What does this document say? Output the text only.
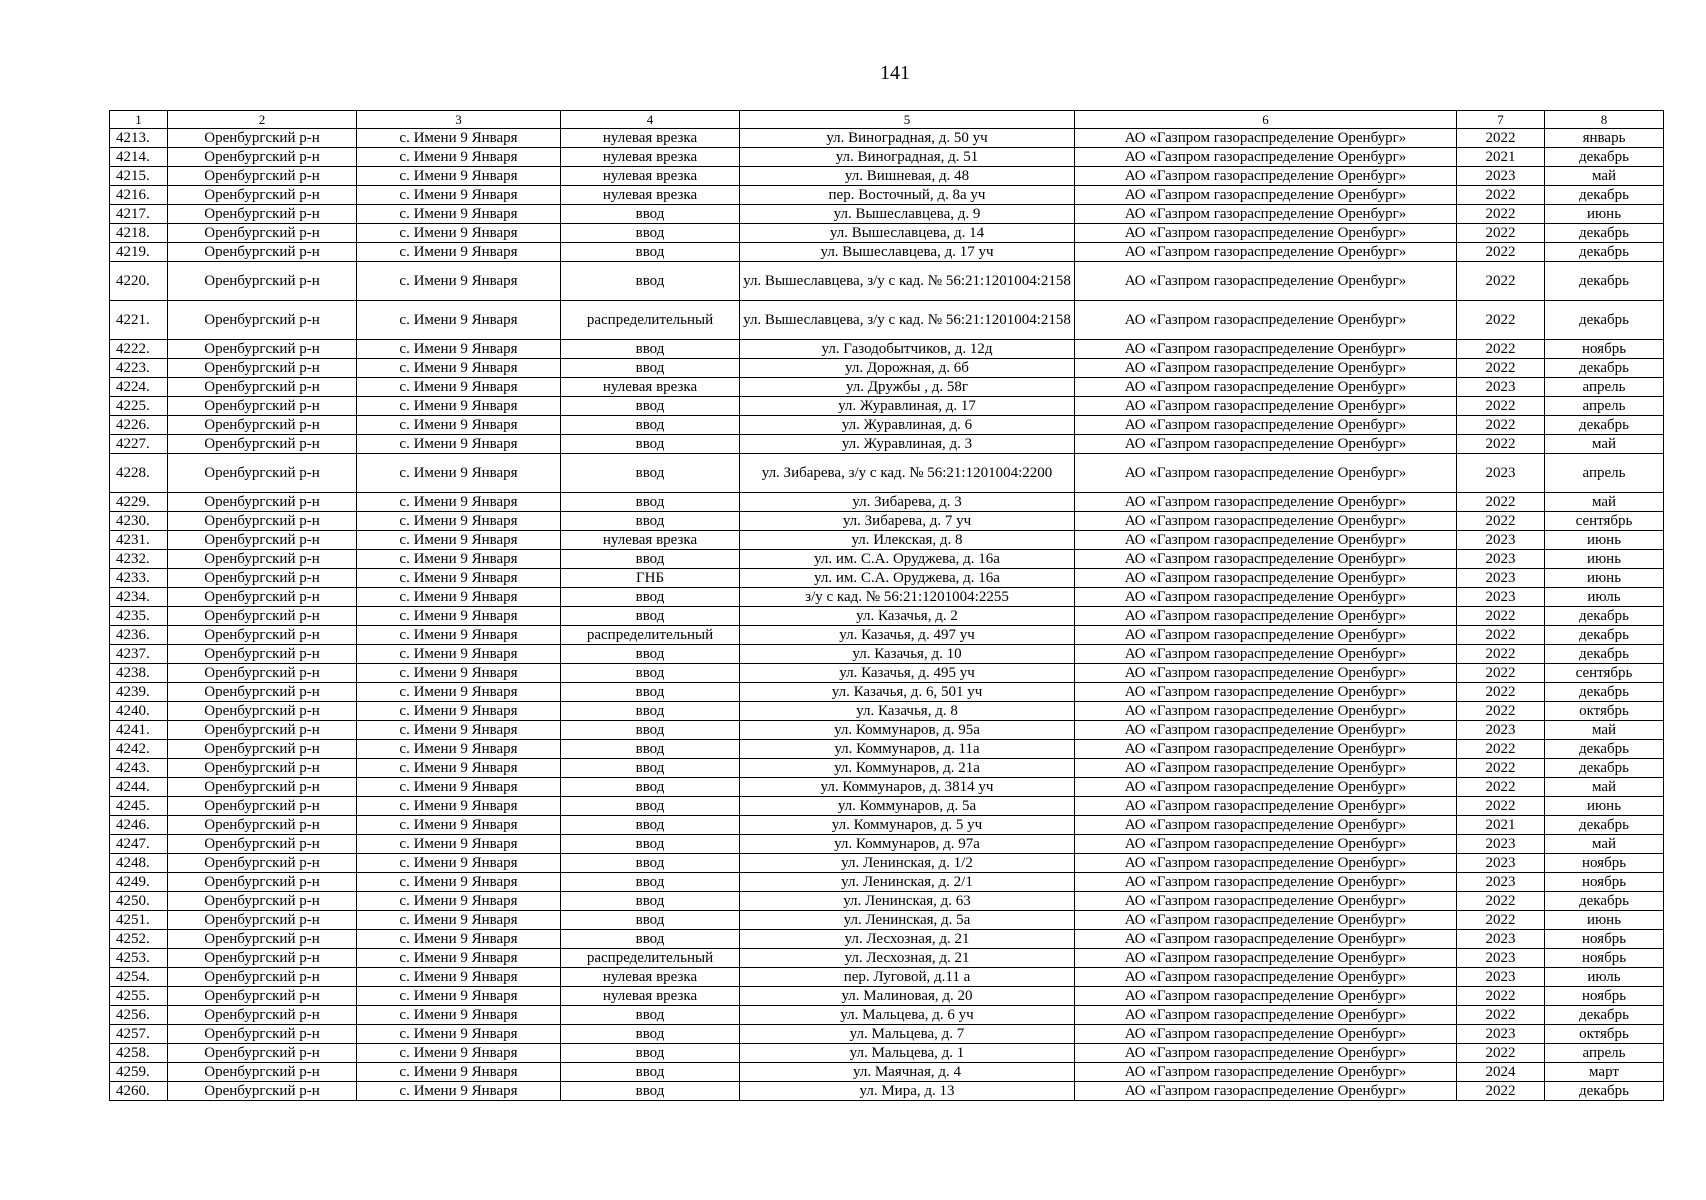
141
1	2	3	4	5	6	7	8
4213.	Оренбургский р-н	с. Имени 9 Января	нулевая врезка	ул. Виноградная, д. 50 уч	АО «Газпром газораспределение Оренбург»	2022	январь
4214.	Оренбургский р-н	с. Имени 9 Января	нулевая врезка	ул. Виноградная, д. 51	АО «Газпром газораспределение Оренбург»	2021	декабрь
4215.	Оренбургский р-н	с. Имени 9 Января	нулевая врезка	ул. Вишневая, д. 48	АО «Газпром газораспределение Оренбург»	2023	май
4216.	Оренбургский р-н	с. Имени 9 Января	нулевая врезка	пер. Восточный, д. 8а уч	АО «Газпром газораспределение Оренбург»	2022	декабрь
4217.	Оренбургский р-н	с. Имени 9 Января	ввод	ул. Вышеславцева, д. 9	АО «Газпром газораспределение Оренбург»	2022	июнь
4218.	Оренбургский р-н	с. Имени 9 Января	ввод	ул. Вышеславцева, д. 14	АО «Газпром газораспределение Оренбург»	2022	декабрь
4219.	Оренбургский р-н	с. Имени 9 Января	ввод	ул. Вышеславцева, д. 17 уч	АО «Газпром газораспределение Оренбург»	2022	декабрь
4220.	Оренбургский р-н	с. Имени 9 Января	ввод	ул. Вышеславцева, з/у с кад. № 56:21:1201004:2158	АО «Газпром газораспределение Оренбург»	2022	декабрь
4221.	Оренбургский р-н	с. Имени 9 Января	распределительный	ул. Вышеславцева, з/у с кад. № 56:21:1201004:2158	АО «Газпром газораспределение Оренбург»	2022	декабрь
4222.	Оренбургский р-н	с. Имени 9 Января	ввод	ул. Газодобытчиков, д. 12д	АО «Газпром газораспределение Оренбург»	2022	ноябрь
4223.	Оренбургский р-н	с. Имени 9 Января	ввод	ул. Дорожная, д. 6б	АО «Газпром газораспределение Оренбург»	2022	декабрь
4224.	Оренбургский р-н	с. Имени 9 Января	нулевая врезка	ул. Дружбы , д. 58г	АО «Газпром газораспределение Оренбург»	2023	апрель
4225.	Оренбургский р-н	с. Имени 9 Января	ввод	ул. Журавлиная, д. 17	АО «Газпром газораспределение Оренбург»	2022	апрель
4226.	Оренбургский р-н	с. Имени 9 Января	ввод	ул. Журавлиная, д. 6	АО «Газпром газораспределение Оренбург»	2022	декабрь
4227.	Оренбургский р-н	с. Имени 9 Января	ввод	ул. Журавлиная, д. 3	АО «Газпром газораспределение Оренбург»	2022	май
4228.	Оренбургский р-н	с. Имени 9 Января	ввод	ул. Зибарева, з/у с кад. № 56:21:1201004:2200	АО «Газпром газораспределение Оренбург»	2023	апрель
4229.	Оренбургский р-н	с. Имени 9 Января	ввод	ул. Зибарева, д. 3	АО «Газпром газораспределение Оренбург»	2022	май
4230.	Оренбургский р-н	с. Имени 9 Января	ввод	ул. Зибарева, д. 7 уч	АО «Газпром газораспределение Оренбург»	2022	сентябрь
4231.	Оренбургский р-н	с. Имени 9 Января	нулевая врезка	ул. Илекская, д. 8	АО «Газпром газораспределение Оренбург»	2023	июнь
4232.	Оренбургский р-н	с. Имени 9 Января	ввод	ул. им. С.А. Оруджева, д. 16а	АО «Газпром газораспределение Оренбург»	2023	июнь
4233.	Оренбургский р-н	с. Имени 9 Января	ГНБ	ул. им. С.А. Оруджева, д. 16а	АО «Газпром газораспределение Оренбург»	2023	июнь
4234.	Оренбургский р-н	с. Имени 9 Января	ввод	з/у с кад. № 56:21:1201004:2255	АО «Газпром газораспределение Оренбург»	2023	июль
4235.	Оренбургский р-н	с. Имени 9 Января	ввод	ул. Казачья, д. 2	АО «Газпром газораспределение Оренбург»	2022	декабрь
4236.	Оренбургский р-н	с. Имени 9 Января	распределительный	ул. Казачья, д. 497 уч	АО «Газпром газораспределение Оренбург»	2022	декабрь
4237.	Оренбургский р-н	с. Имени 9 Января	ввод	ул. Казачья, д. 10	АО «Газпром газораспределение Оренбург»	2022	декабрь
4238.	Оренбургский р-н	с. Имени 9 Января	ввод	ул. Казачья, д. 495 уч	АО «Газпром газораспределение Оренбург»	2022	сентябрь
4239.	Оренбургский р-н	с. Имени 9 Января	ввод	ул. Казачья, д. 6, 501 уч	АО «Газпром газораспределение Оренбург»	2022	декабрь
4240.	Оренбургский р-н	с. Имени 9 Января	ввод	ул. Казачья, д. 8	АО «Газпром газораспределение Оренбург»	2022	октябрь
4241.	Оренбургский р-н	с. Имени 9 Января	ввод	ул. Коммунаров, д. 95а	АО «Газпром газораспределение Оренбург»	2023	май
4242.	Оренбургский р-н	с. Имени 9 Января	ввод	ул. Коммунаров, д. 11а	АО «Газпром газораспределение Оренбург»	2022	декабрь
4243.	Оренбургский р-н	с. Имени 9 Января	ввод	ул. Коммунаров, д. 21а	АО «Газпром газораспределение Оренбург»	2022	декабрь
4244.	Оренбургский р-н	с. Имени 9 Января	ввод	ул. Коммунаров, д. 3814 уч	АО «Газпром газораспределение Оренбург»	2022	май
4245.	Оренбургский р-н	с. Имени 9 Января	ввод	ул. Коммунаров, д. 5а	АО «Газпром газораспределение Оренбург»	2022	июнь
4246.	Оренбургский р-н	с. Имени 9 Января	ввод	ул. Коммунаров, д. 5 уч	АО «Газпром газораспределение Оренбург»	2021	декабрь
4247.	Оренбургский р-н	с. Имени 9 Января	ввод	ул. Коммунаров, д. 97а	АО «Газпром газораспределение Оренбург»	2023	май
4248.	Оренбургский р-н	с. Имени 9 Января	ввод	ул. Ленинская, д. 1/2	АО «Газпром газораспределение Оренбург»	2023	ноябрь
4249.	Оренбургский р-н	с. Имени 9 Января	ввод	ул. Ленинская, д. 2/1	АО «Газпром газораспределение Оренбург»	2023	ноябрь
4250.	Оренбургский р-н	с. Имени 9 Января	ввод	ул. Ленинская, д. 63	АО «Газпром газораспределение Оренбург»	2022	декабрь
4251.	Оренбургский р-н	с. Имени 9 Января	ввод	ул. Ленинская, д. 5а	АО «Газпром газораспределение Оренбург»	2022	июнь
4252.	Оренбургский р-н	с. Имени 9 Января	ввод	ул. Лесхозная, д. 21	АО «Газпром газораспределение Оренбург»	2023	ноябрь
4253.	Оренбургский р-н	с. Имени 9 Января	распределительный	ул. Лесхозная, д. 21	АО «Газпром газораспределение Оренбург»	2023	ноябрь
4254.	Оренбургский р-н	с. Имени 9 Января	нулевая врезка	пер. Луговой, д.11 а	АО «Газпром газораспределение Оренбург»	2023	июль
4255.	Оренбургский р-н	с. Имени 9 Января	нулевая врезка	ул. Малиновая, д. 20	АО «Газпром газораспределение Оренбург»	2022	ноябрь
4256.	Оренбургский р-н	с. Имени 9 Января	ввод	ул. Мальцева, д. 6 уч	АО «Газпром газораспределение Оренбург»	2022	декабрь
4257.	Оренбургский р-н	с. Имени 9 Января	ввод	ул. Мальцева, д. 7	АО «Газпром газораспределение Оренбург»	2023	октябрь
4258.	Оренбургский р-н	с. Имени 9 Января	ввод	ул. Мальцева, д. 1	АО «Газпром газораспределение Оренбург»	2022	апрель
4259.	Оренбургский р-н	с. Имени 9 Января	ввод	ул. Маячная, д. 4	АО «Газпром газораспределение Оренбург»	2024	март
4260.	Оренбургский р-н	с. Имени 9 Января	ввод	ул. Мира, д. 13	АО «Газпром газораспределение Оренбург»	2022	декабрь
